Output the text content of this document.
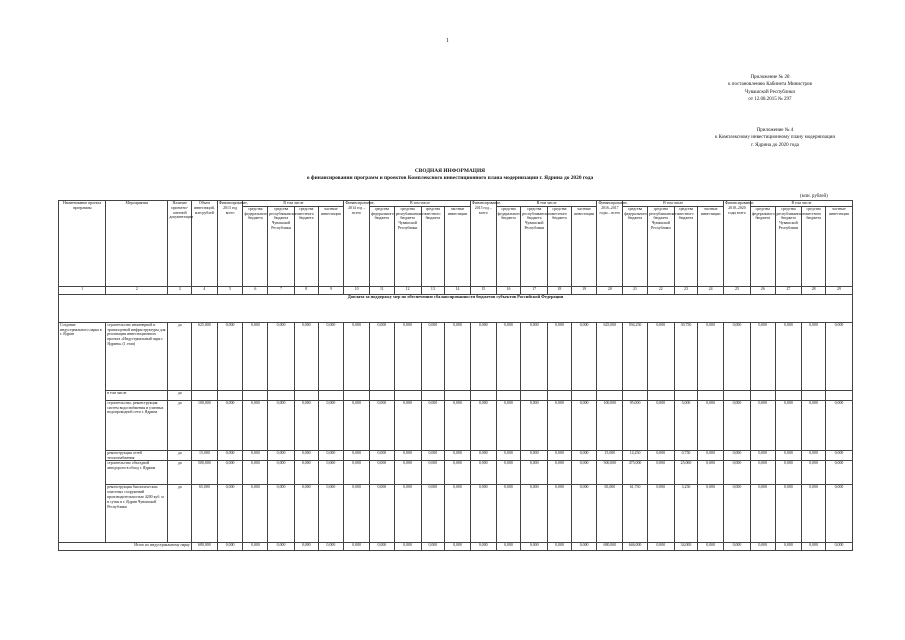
1
Приложение № 28
к постановлению Кабинета Министров
Чувашской Республики
от 12.08.2015 № 297
Приложение № 4
к Комплексному инвестиционному плану модернизации
г. Ядрина до 2020 года
СВОДНАЯ ИНФОРМАЦИЯ
о финансировании программ и проектов Комплексного инвестиционного плана модернизации г. Ядрина до 2020 года
(млн. рублей)
Наименование проекта программы	Мероприятия	Наличие проектно-сметной документации	Объем инвестиций, млн рублей	Финансирование, 2013 год всего	В том числе				Финансирование, 2014 год – всего	В том числе				Финансирование, 2015 год – всего	В том числе				Финансирование, 2016–2017 годы – всего	В том числе				Финансирование, 2018–2020 годы всего	В том числе			
					средства федерального бюджета	средства республиканского бюджета Чувашской Республики	средства местного бюджета	частные инвестиции		средства федерального бюджета	средства республиканского бюджета Чувашской Республики	средства местного бюджета	частные инвестиции		средства федерального бюджета	средства республиканского бюджета Чувашской Республики	средства местного бюджета	частные инвестиции		средства федерального бюджета	средства республиканского бюджета Чувашской Республики	средства местного бюджета	частные инвестиции		средства федерального бюджета	средства республиканского бюджета Чувашской Республики	средства местного бюджета	частные инвестиции
1	2	3	4	5	6	7	8	9	10	11	12	13	14	15	16	17	18	19	20	21	22	23	24	25	26	27	28	29
Доплата за поддержку мер по обеспечению сбалансированности бюджетов субъектов Российской Федерации																												
Создание индустриального парка в г. Ядрин	строительство инженерной и транспортной инфраструктуры для реализации инвестиционного проекта «Индустриальный парк г. Ядрина» (1 этап)	да	625,000	0,000	0,000	0,000	0,000	0,000	0,000	0,000	0,000	0,000	0,000	0,000	0,000	0,000	0,000	0,000	625,000	594,250	0,000	30,750	0,000	0,000	0,000	0,000	0,000	0,000
	в том числе	да																										
	строительство, реконструкция систем водоснабжения и уличных водопроводной сети г. Ядрина	да	100,000	0,000	0,000	0,000	0,000	0,000	0,000	0,000	0,000	0,000	0,000	0,000	0,000	0,000	0,000	0,000	100,000	95,000	0,000	5,000	0,000	0,000	0,000	0,000	0,000	0,000
	реконструкция сетей теплоснабжения	да	15,000	0,000	0,000	0,000	0,000	0,000	0,000	0,000	0,000	0,000	0,000	0,000	0,000	0,000	0,000	0,000	15,000	14,250	0,000	0,750	0,000	0,000	0,000	0,000	0,000	0,000
	строительство объездной автодороги в обход г. Ядрина	да	500,000	0,000	0,000	0,000	0,000	0,000	0,000	0,000	0,000	0,000	0,000	0,000	0,000	0,000	0,000	0,000	500,000	475,000	0,000	25,000	0,000	0,000	0,000	0,000	0,000	0,000
	реконструкция биологических очистных сооружений производительностью 4200 куб. м в сутки в г. Ядрин Чувашской Республики	да	65,000	0,000	0,000	0,000	0,000	0,000	0,000	0,000	0,000	0,000	0,000	0,000	0,000	0,000	0,000	0,000	65,000	61,750	0,000	3,250	0,000	0,000	0,000	0,000	0,000	0,000
Итого по индустриальному парку			680,000	0,000	0,000	0,000	0,000	0,000	0,000	0,000	0,000	0,000	0,000	0,000	0,000	0,000	0,000	0,000	680,000	646,000	0,000	34,000	0,000	0,000	0,000	0,000	0,000	0,000
